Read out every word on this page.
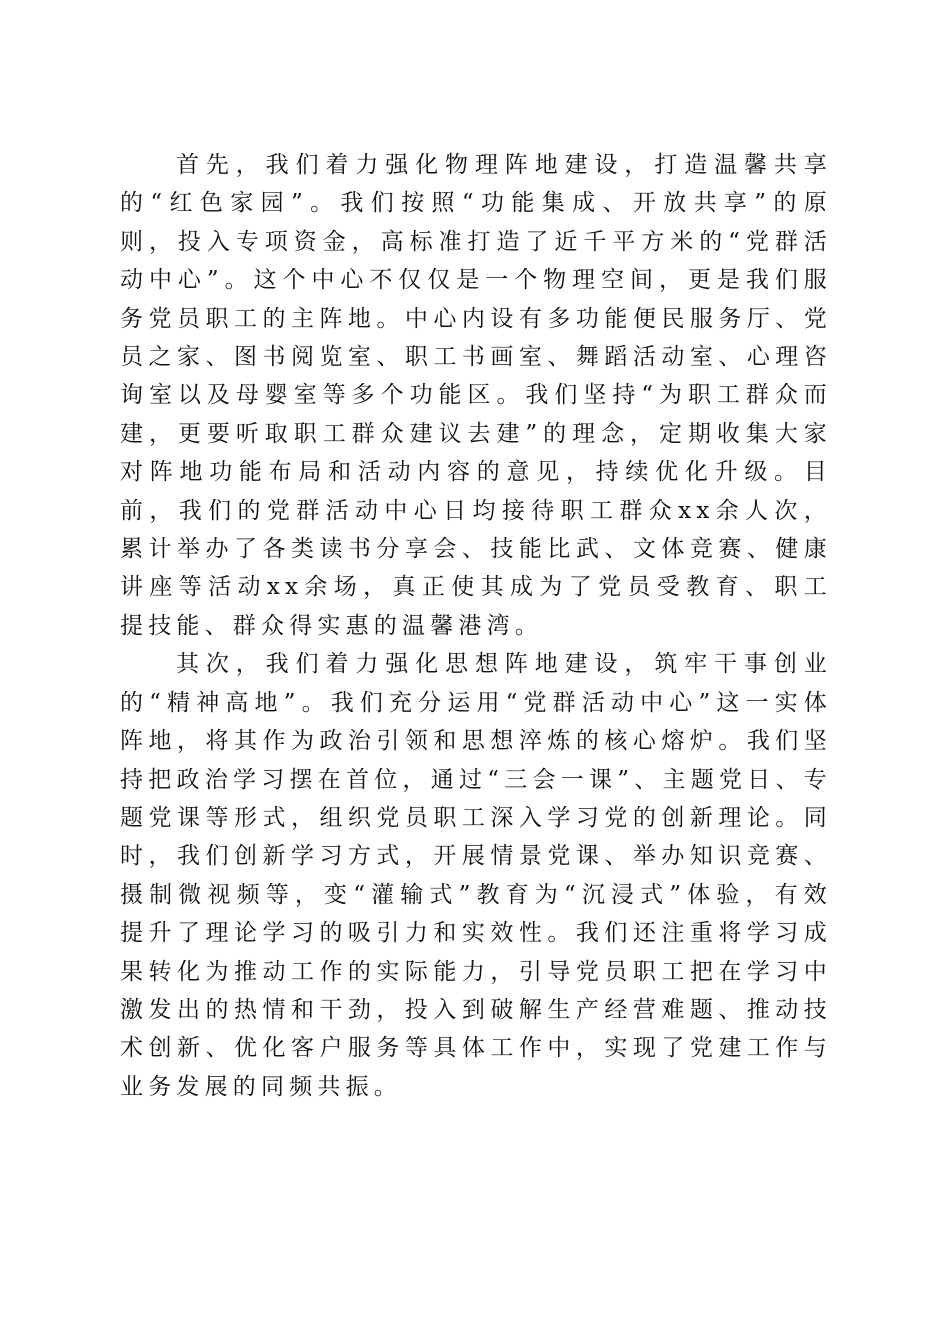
首先，我们着力强化物理阵地建设，打造温馨共享的“红色家园”。我们按照“功能集成、开放共享”的原则，投入专项资金，高标准打造了近千平方米的“党群活动中心”。这个中心不仅仅是一个物理空间，更是我们服务党员职工的主阵地。中心内设有多功能便民服务厅、党员之家、图书阅览室、职工书画室、舞蹈活动室、心理咨询室以及母婴室等多个功能区。我们坚持“为职工群众而建，更要听取职工群众建议去建”的理念，定期收集大家对阵地功能布局和活动内容的意见，持续优化升级。目前，我们的党群活动中心日均接待职工群众xx余人次，累计举办了各类读书分享会、技能比武、文体竞赛、健康讲座等活动xx余场，真正使其成为了党员受教育、职工提技能、群众得实惠的温馨港湾。

其次，我们着力强化思想阵地建设，筑牢干事创业的“精神高地”。我们充分运用“党群活动中心”这一实体阵地，将其作为政治引领和思想淬炼的核心熔炉。我们坚持把政治学习摆在首位，通过“三会一课”、主题党日、专题党课等形式，组织党员职工深入学习党的创新理论。同时，我们创新学习方式，开展情景党课、举办知识竞赛、摄制微视频等，变“灌输式”教育为“沉浸式”体验，有效提升了理论学习的吸引力和实效性。我们还注重将学习成果转化为推动工作的实际能力，引导党员职工把在学习中激发出的热情和干劲，投入到破解生产经营难题、推动技术创新、优化客户服务等具体工作中，实现了党建工作与业务发展的同频共振。
